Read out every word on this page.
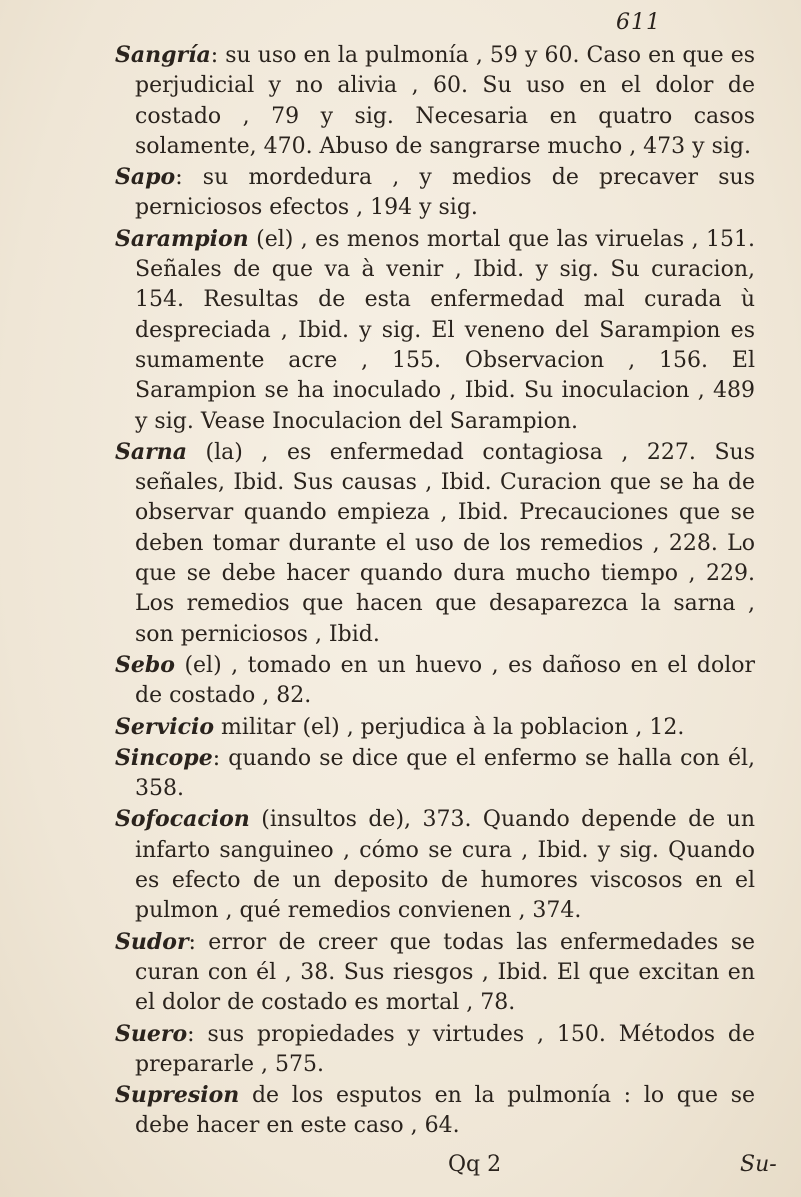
611

Sangría: su uso en la pulmonía , 59 y 60. Caso en que es perjudicial y no alivia , 60. Su uso en el dolor de costado , 79 y sig. Necesaria en quatro casos solamente, 470. Abuso de sangrarse mucho , 473 y sig.

Sapo: su mordedura , y medios de precaver sus perniciosos efectos , 194 y sig.

Sarampion (el) , es menos mortal que las viruelas , 151. Señales de que va à venir , Ibid. y sig. Su curacion, 154. Resultas de esta enfermedad mal curada ù despreciada , Ibid. y sig. El veneno del Sarampion es sumamente acre , 155. Observacion , 156. El Sarampion se ha inoculado , Ibid. Su inoculacion , 489 y sig. Vease Inoculacion del Sarampion.

Sarna (la) , es enfermedad contagiosa , 227. Sus señales, Ibid. Sus causas , Ibid. Curacion que se ha de observar quando empieza , Ibid. Precauciones que se deben tomar durante el uso de los remedios , 228. Lo que se debe hacer quando dura mucho tiempo , 229. Los remedios que hacen que desaparezca la sarna , son perniciosos , Ibid.

Sebo (el) , tomado en un huevo , es dañoso en el dolor de costado , 82.

Servicio militar (el) , perjudica à la poblacion , 12.

Sincope: quando se dice que el enfermo se halla con él, 358.

Sofocacion (insultos de), 373. Quando depende de un infarto sanguineo , cómo se cura , Ibid. y sig. Quando es efecto de un deposito de humores viscosos en el pulmon , qué remedios convienen , 374.

Sudor: error de creer que todas las enfermedades se curan con él , 38. Sus riesgos , Ibid. El que excitan en el dolor de costado es mortal , 78.

Suero: sus propiedades y virtudes , 150. Métodos de prepararle , 575.

Supresion de los esputos en la pulmonía : lo que se debe hacer en este caso , 64.

Qq 2	Su-
